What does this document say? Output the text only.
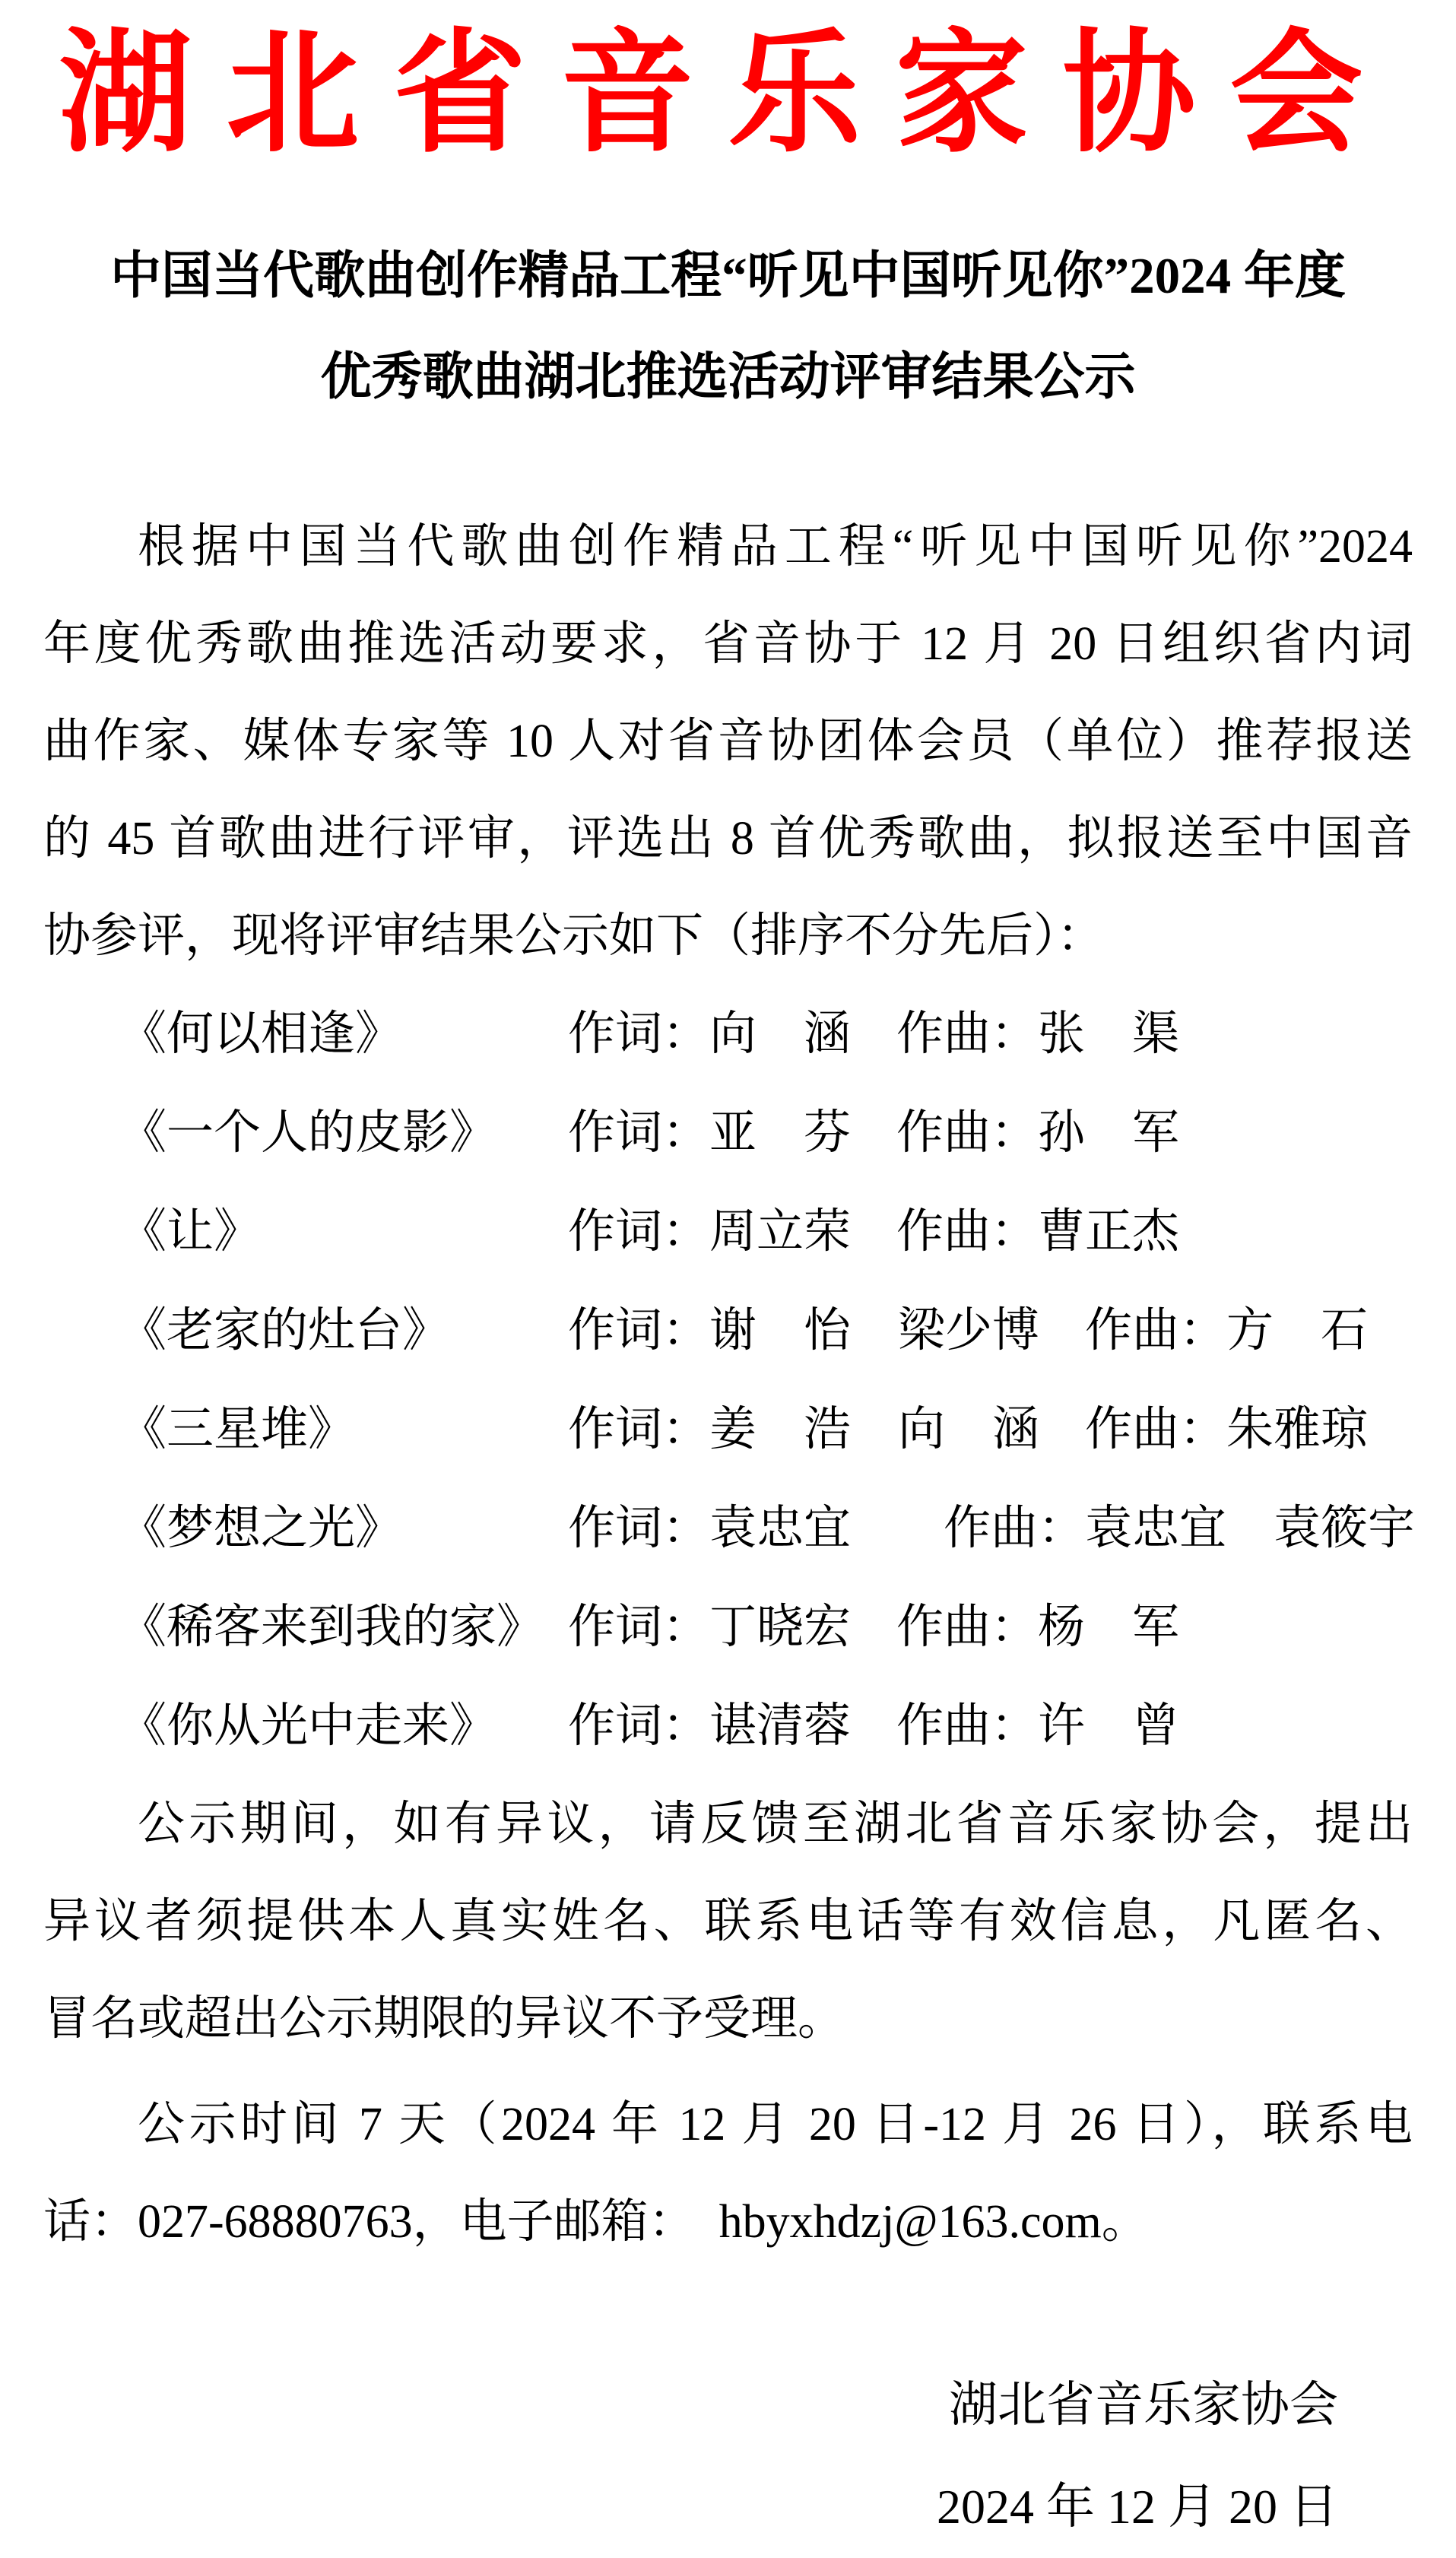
湖北省音乐家协会
中国当代歌曲创作精品工程“听见中国听见你”2024 年度
优秀歌曲湖北推选活动评审结果公示
根据中国当代歌曲创作精品工程“听见中国听见你”2024
年度优秀歌曲推选活动要求，省音协于 12 月 20 日组织省内词
曲作家、媒体专家等 10 人对省音协团体会员（单位）推荐报送
的 45 首歌曲进行评审，评选出 8 首优秀歌曲，拟报送至中国音
协参评，现将评审结果公示如下（排序不分先后）：
《何以相逢》	作词：向　涵 作曲：张　渠
《一个人的皮影》	作词：亚　芬 作曲：孙　军
《让》	作词：周立荣 作曲：曹正杰
《老家的灶台》	作词：谢　怡　梁少博 作曲：方　石
《三星堆》	作词：姜　浩　向　涵 作曲：朱雅琼
《梦想之光》	作词：袁忠宜　 作曲：袁忠宜　袁筱宇
《稀客来到我的家》 作词：丁晓宏 作曲：杨　军
《你从光中走来》	作词：谌清蓉 作曲：许　曾
公示期间，如有异议，请反馈至湖北省音乐家协会，提出
异议者须提供本人真实姓名、联系电话等有效信息，凡匿名、
冒名或超出公示期限的异议不予受理。
公示时间 7 天（2024 年 12 月 20 日-12 月 26 日），联系电
话：027-68880763，电子邮箱：　hbyxhdzj@163.com。
湖北省音乐家协会
2024 年 12 月 20 日
